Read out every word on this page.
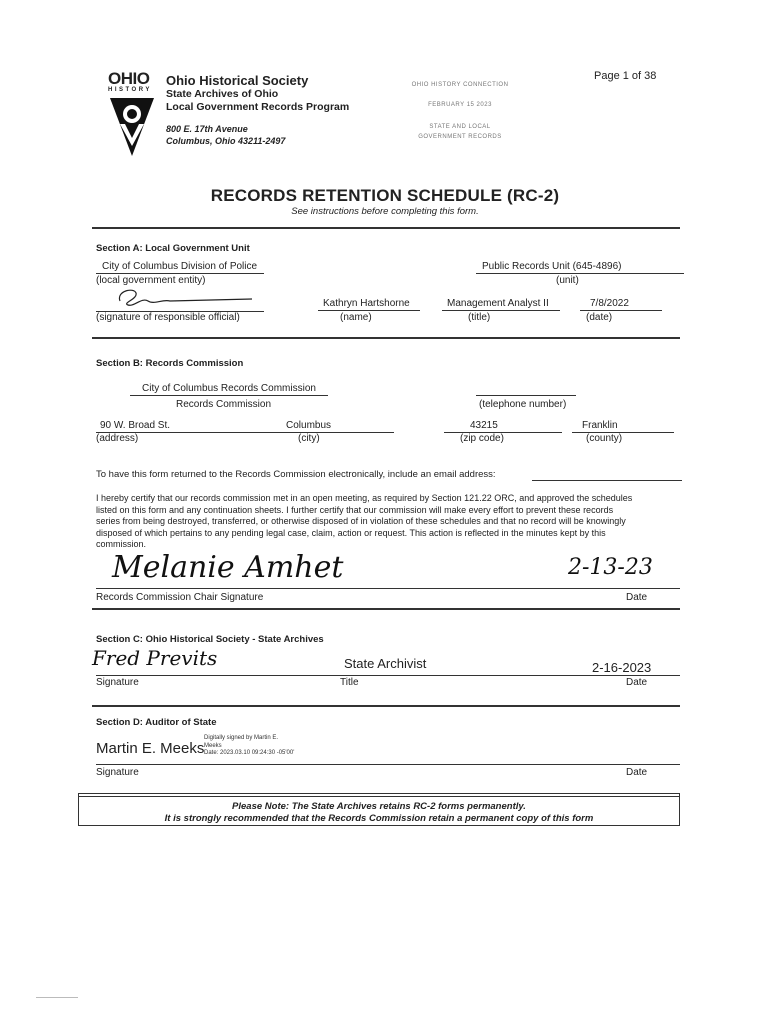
OHIO
HISTORY
Ohio Historical Society
State Archives of Ohio
Local Government Records Program
800 E. 17th Avenue
Columbus, Ohio 43211-2497
OHIO HISTORY CONNECTION
FEBRUARY 15 2023
STATE AND LOCAL
GOVERNMENT RECORDS
Page 1 of 38
RECORDS RETENTION SCHEDULE (RC-2)
See instructions before completing this form.
Section A: Local Government Unit
City of Columbus Division of Police
(local government entity)
Public Records Unit (645-4896)
(unit)
(signature of responsible official)
Kathryn Hartshorne
(name)
Management Analyst II
(title)
7/8/2022
(date)
Section B: Records Commission
City of Columbus Records Commission
Records Commission	(telephone number)
90 W. Broad St.
(address)
Columbus
(city)
43215
(zip code)
Franklin
(county)
To have this form returned to the Records Commission electronically, include an email address:
I hereby certify that our records commission met in an open meeting, as required by Section 121.22 ORC, and approved the schedules
listed on this form and any continuation sheets. I further certify that our commission will make every effort to prevent these records
series from being destroyed, transferred, or otherwise disposed of in violation of these schedules and that no record will be knowingly
disposed of which pertains to any pending legal case, claim, action or request. This action is reflected in the minutes kept by this
commission.
Melanie Amhet	2-13-23
Records Commission Chair Signature	Date
Section C: Ohio Historical Society - State Archives
Fred Previts	State Archivist	2-16-2023
Signature	Title	Date
Section D: Auditor of State
Martin E. Meeks
Digitally signed by Martin E.
Meeks
Date: 2023.03.10 09:24:30 -05'00'
Signature	Date
Please Note: The State Archives retains RC-2 forms permanently.
It is strongly recommended that the Records Commission retain a permanent copy of this form
